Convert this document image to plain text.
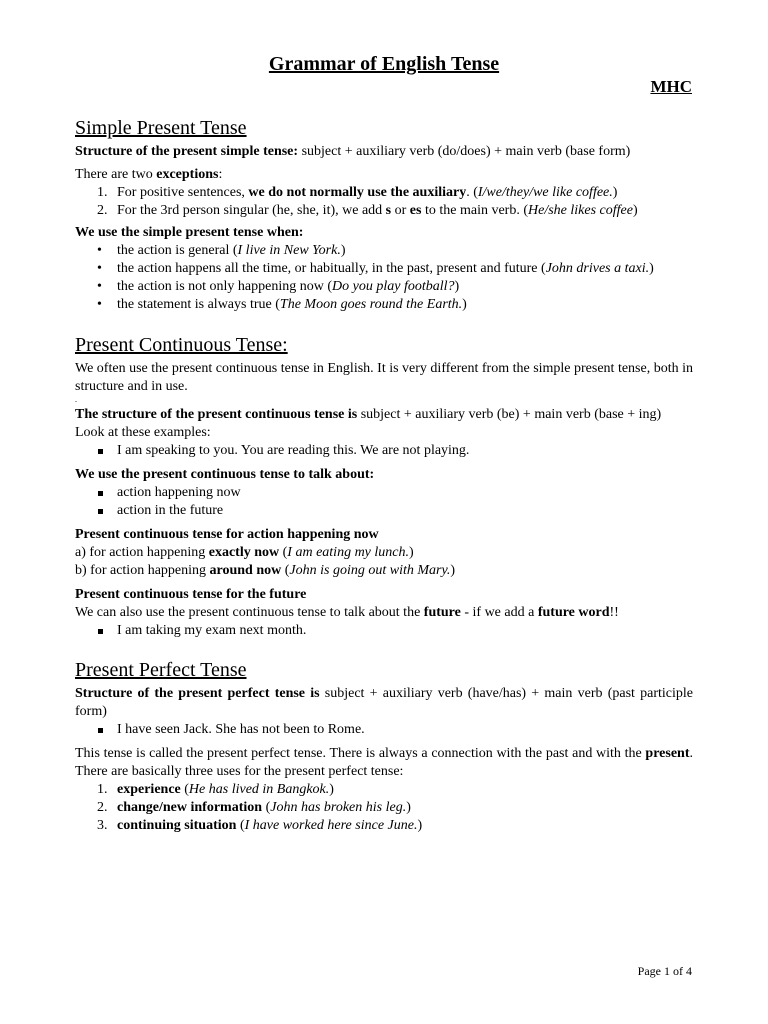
Grammar of English Tense
MHC
Simple Present Tense

Structure of the present simple tense: subject + auxiliary verb (do/does) + main verb (base form)

There are two exceptions:

1. For positive sentences, we do not normally use the auxiliary. (I/we/they/we like coffee.)
2. For the 3rd person singular (he, she, it), we add s or es to the main verb. (He/she likes coffee)

We use the simple present tense when:

• the action is general (I live in New York.)
• the action happens all the time, or habitually, in the past, present and future (John drives a taxi.)
• the action is not only happening now (Do you play football?)
• the statement is always true (The Moon goes round the Earth.)
Present Continuous Tense:

We often use the present continuous tense in English. It is very different from the simple present tense, both in structure and in use.

.

The structure of the present continuous tense is subject + auxiliary verb (be) + main verb (base + ing)

Look at these examples:

I am speaking to you. You are reading this. We are not playing.

We use the present continuous tense to talk about:

action happening now
action in the future

Present continuous tense for action happening now

a) for action happening exactly now (I am eating my lunch.)

b) for action happening around now (John is going out with Mary.)

Present continuous tense for the future

We can also use the present continuous tense to talk about the future - if we add a future word!!

I am taking my exam next month.
Present Perfect Tense

Structure of the present perfect tense is subject + auxiliary verb (have/has) + main verb (past participle form)

I have seen Jack. She has not been to Rome.

This tense is called the present perfect tense. There is always a connection with the past and with the present. There are basically three uses for the present perfect tense:

1. experience (He has lived in Bangkok.)
2. change/new information (John has broken his leg.)
3. continuing situation (I have worked here since June.)
Page 1 of 4
